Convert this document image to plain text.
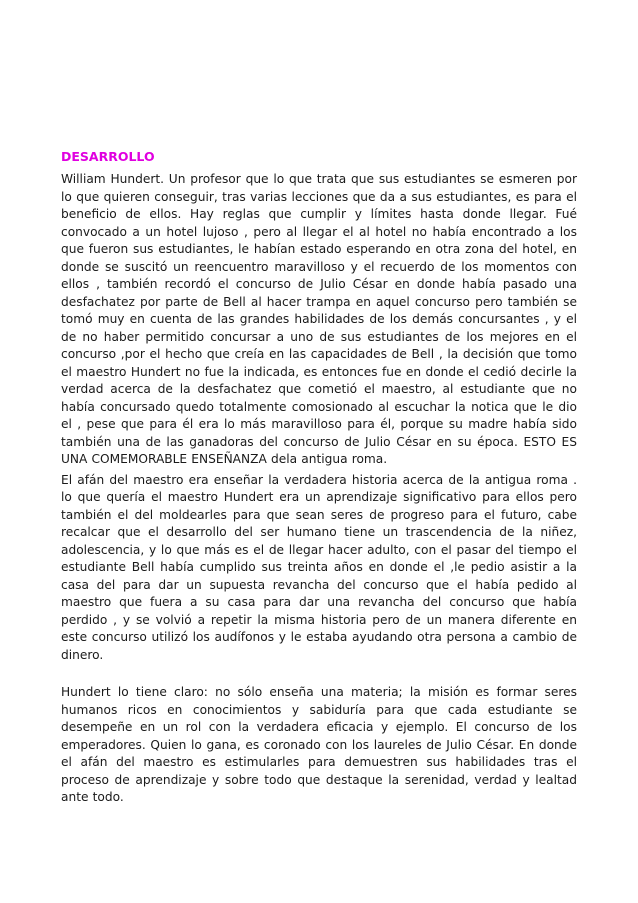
DESARROLLO

William Hundert. Un profesor que lo que trata que sus estudiantes se esmeren por lo que quieren conseguir, tras varias lecciones que da a sus estudiantes, es para el beneficio de ellos. Hay reglas que cumplir y límites hasta donde llegar. Fué convocado a un hotel lujoso , pero al llegar el al hotel no había encontrado a los que fueron sus estudiantes, le habían estado esperando en otra zona del hotel, en donde se suscitó un reencuentro maravilloso y el recuerdo de los momentos con ellos , también recordó el concurso de Julio César en donde había pasado una desfachatez por parte de Bell al hacer trampa en aquel concurso pero también se tomó muy en cuenta de las grandes habilidades de los demás concursantes , y el de no haber permitido concursar a uno de sus estudiantes de los mejores en el concurso ,por el hecho que creía en las capacidades de Bell , la decisión que tomo el maestro Hundert no fue la indicada, es entonces fue en donde el cedió decirle la verdad acerca de la desfachatez que cometió el maestro, al estudiante que no había concursado quedo totalmente comosionado al escuchar la notica que le dio el , pese que para él era lo más maravilloso para él, porque su madre había sido también una de las ganadoras del concurso de Julio César en su época. ESTO ES UNA COMEMORABLE ENSEÑANZA dela antigua roma.

El afán del maestro era enseñar la verdadera historia acerca de la antigua roma . lo que quería el maestro Hundert era un aprendizaje significativo para ellos pero también el del moldearles para que sean seres de progreso para el futuro, cabe recalcar que el desarrollo del ser humano tiene un trascendencia de la niñez, adolescencia, y lo que más es el de llegar hacer adulto, con el pasar del tiempo el estudiante Bell había cumplido sus treinta años en donde el ,le pedio asistir a la casa del para dar un supuesta revancha del concurso que el había pedido al maestro que fuera a su casa para dar una revancha del concurso que había perdido , y se volvió a repetir la misma historia pero de un manera diferente en este concurso utilizó los audífonos y le estaba ayudando otra persona a cambio de dinero.

Hundert lo tiene claro: no sólo enseña una materia; la misión es formar seres humanos ricos en conocimientos y sabiduría para que cada estudiante se desempeñe en un rol con la verdadera eficacia y ejemplo. El concurso de los emperadores. Quien lo gana, es coronado con los laureles de Julio César. En donde el afán del maestro es estimularles para demuestren sus habilidades tras el proceso de aprendizaje y sobre todo que destaque la serenidad, verdad y lealtad ante todo.
